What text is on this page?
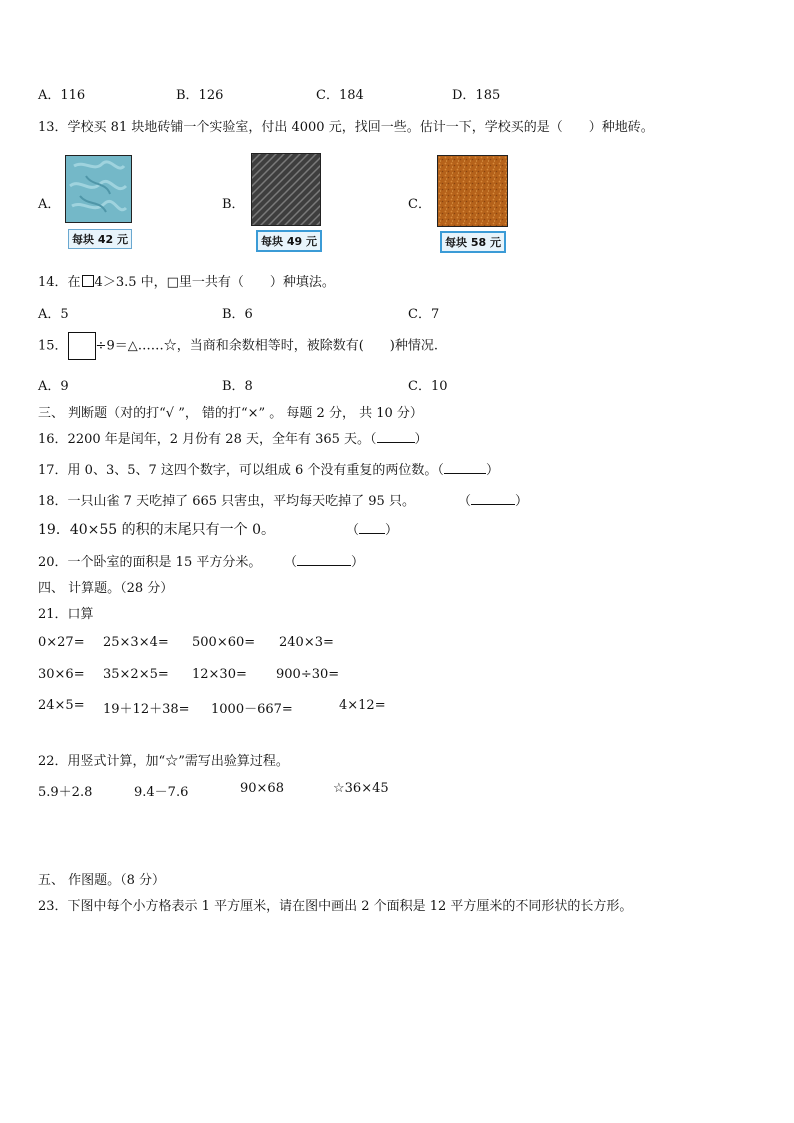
A．116	B．126	C．184	D．185
13．学校买 81 块地砖铺一个实验室，付出 4000 元，找回一些。估计一下，学校买的是（　　）种地砖。
A．
每块 42 元
B．
每块 49 元
C．
每块 58 元
14．在 4＞3.5 中，□里一共有（　　）种填法。
A．5	B．6	C．7
15． ÷9＝△……☆，当商和余数相等时，被除数有(　　)种情况.
A．9	B．8	C．10
三、 判断题（对的打“√ ”， 错的打“×” 。 每题 2 分， 共 10 分）
16．2200 年是闰年，2 月份有 28 天，全年有 365 天。（	）
17．用 0、3、5、7 这四个数字，可以组成 6 个没有重复的两位数。（	）
18．一只山雀 7 天吃掉了 665 只害虫，平均每天吃掉了 95 只。	（	）
19．40×55 的积的末尾只有一个 0。	（ ）
20．一个卧室的面积是 15 平方分米。 （	）
四、 计算题。（28 分）
21．口算
0×27= 25×3×4= 500×60= 240×3=
30×6= 35×2×5= 12×30= 900÷30=
24×5= 19＋12＋38= 1000－667=	4×12=
22．用竖式计算，加“☆”需写出验算过程。
5.9＋2.8	9.4－7.6	90×68	☆36×45
五、 作图题。（8 分）
23．下图中每个小方格表示 1 平方厘米，请在图中画出 2 个面积是 12 平方厘米的不同形状的长方形。
